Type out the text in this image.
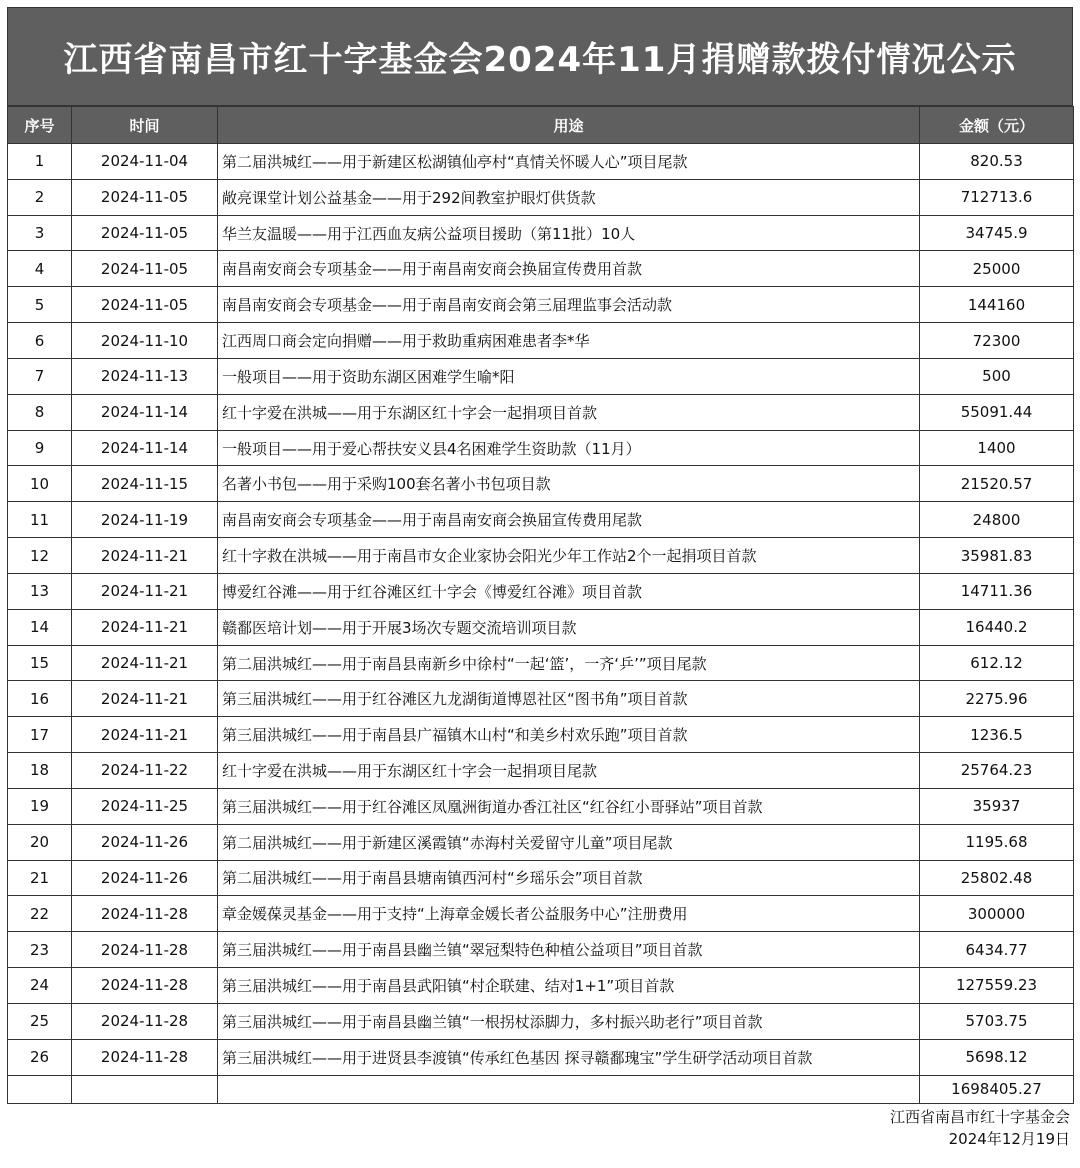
江西省南昌市红十字基金会2024年11月捐赠款拨付情况公示
序号	时间	用途	金额（元）
1	2024-11-04	第二届洪城红——用于新建区松湖镇仙亭村“真情关怀暖人心”项目尾款	820.53
2	2024-11-05	敞亮课堂计划公益基金——用于292间教室护眼灯供货款	712713.6
3	2024-11-05	华兰友温暖——用于江西血友病公益项目援助（第11批）10人	34745.9
4	2024-11-05	南昌南安商会专项基金——用于南昌南安商会换届宣传费用首款	25000
5	2024-11-05	南昌南安商会专项基金——用于南昌南安商会第三届理监事会活动款	144160
6	2024-11-10	江西周口商会定向捐赠——用于救助重病困难患者李*华	72300
7	2024-11-13	一般项目——用于资助东湖区困难学生喻*阳	500
8	2024-11-14	红十字爱在洪城——用于东湖区红十字会一起捐项目首款	55091.44
9	2024-11-14	一般项目——用于爱心帮扶安义县4名困难学生资助款（11月）	1400
10	2024-11-15	名著小书包——用于采购100套名著小书包项目款	21520.57
11	2024-11-19	南昌南安商会专项基金——用于南昌南安商会换届宣传费用尾款	24800
12	2024-11-21	红十字救在洪城——用于南昌市女企业家协会阳光少年工作站2个一起捐项目首款	35981.83
13	2024-11-21	博爱红谷滩——用于红谷滩区红十字会《博爱红谷滩》项目首款	14711.36
14	2024-11-21	赣鄱医培计划——用于开展3场次专题交流培训项目款	16440.2
15	2024-11-21	第二届洪城红——用于南昌县南新乡中徐村“一起‘篮’，一齐‘乒’”项目尾款	612.12
16	2024-11-21	第三届洪城红——用于红谷滩区九龙湖街道博恩社区“图书角”项目首款	2275.96
17	2024-11-21	第三届洪城红——用于南昌县广福镇木山村“和美乡村欢乐跑”项目首款	1236.5
18	2024-11-22	红十字爱在洪城——用于东湖区红十字会一起捐项目尾款	25764.23
19	2024-11-25	第三届洪城红——用于红谷滩区凤凰洲街道办香江社区“红谷红小哥驿站”项目首款	35937
20	2024-11-26	第二届洪城红——用于新建区溪霞镇“赤海村关爱留守儿童”项目尾款	1195.68
21	2024-11-26	第二届洪城红——用于南昌县塘南镇西河村“乡瑶乐会”项目首款	25802.48
22	2024-11-28	章金媛葆灵基金——用于支持“上海章金媛长者公益服务中心”注册费用	300000
23	2024-11-28	第三届洪城红——用于南昌县幽兰镇“翠冠梨特色种植公益项目”项目首款	6434.77
24	2024-11-28	第三届洪城红——用于南昌县武阳镇“村企联建、结对1+1”项目首款	127559.23
25	2024-11-28	第三届洪城红——用于南昌县幽兰镇“一根拐杖添脚力，多村振兴助老行”项目首款	5703.75
26	2024-11-28	第三届洪城红——用于进贤县李渡镇“传承红色基因 探寻赣鄱瑰宝”学生研学活动项目首款	5698.12
			1698405.27
江西省南昌市红十字基金会
2024年12月19日
